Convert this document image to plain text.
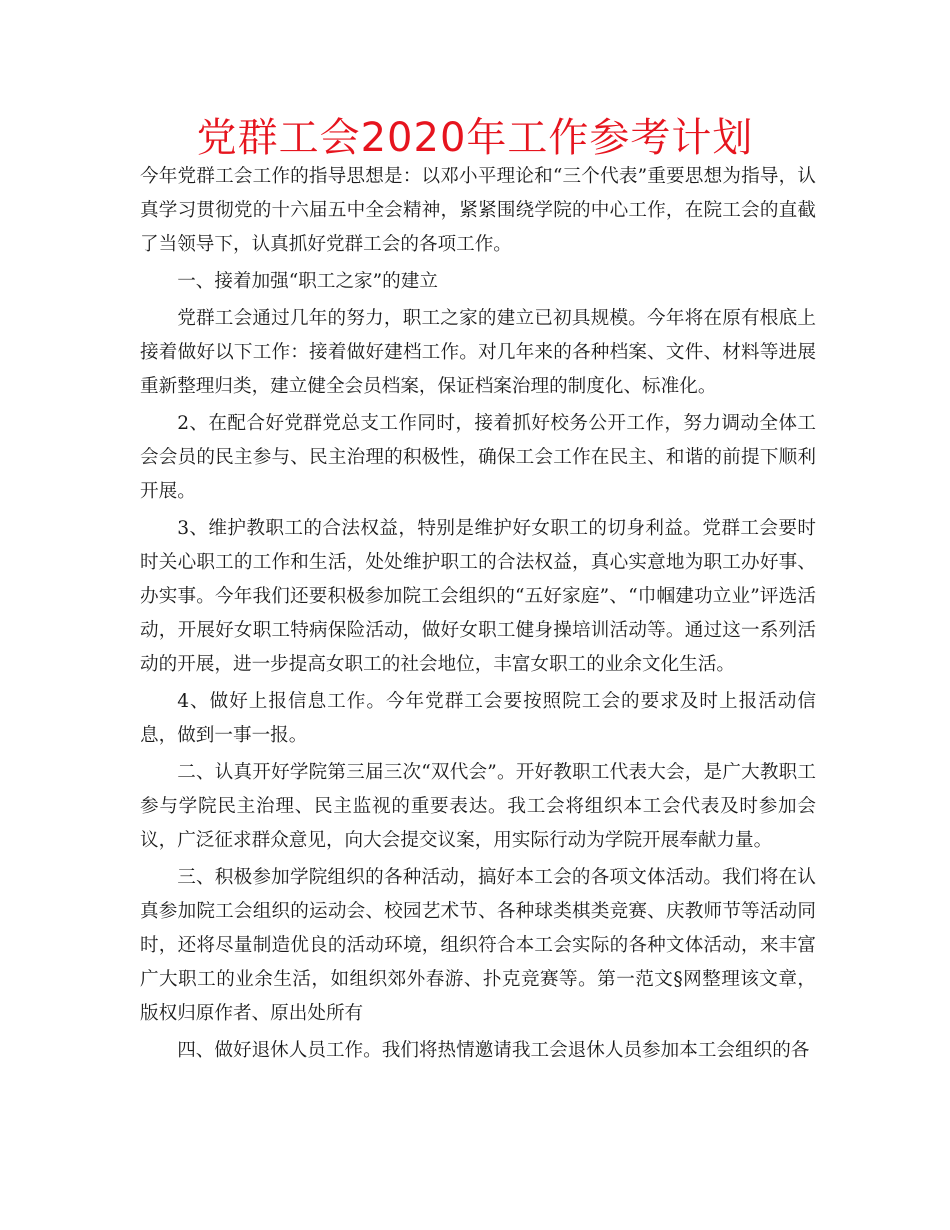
党群工会2020年工作参考计划

今年党群工会工作的指导思想是：以邓小平理论和“三个代表”重要思想为指导，认真学习贯彻党的十六届五中全会精神，紧紧围绕学院的中心工作，在院工会的直截了当领导下，认真抓好党群工会的各项工作。

一、接着加强“职工之家”的建立

党群工会通过几年的努力，职工之家的建立已初具规模。今年将在原有根底上接着做好以下工作：接着做好建档工作。对几年来的各种档案、文件、材料等进展重新整理归类，建立健全会员档案，保证档案治理的制度化、标准化。

2、在配合好党群党总支工作同时，接着抓好校务公开工作，努力调动全体工会会员的民主参与、民主治理的积极性，确保工会工作在民主、和谐的前提下顺利开展。

3、维护教职工的合法权益，特别是维护好女职工的切身利益。党群工会要时时关心职工的工作和生活，处处维护职工的合法权益，真心实意地为职工办好事、办实事。今年我们还要积极参加院工会组织的“五好家庭”、“巾帼建功立业”评选活动，开展好女职工特病保险活动，做好女职工健身操培训活动等。通过这一系列活动的开展，进一步提高女职工的社会地位，丰富女职工的业余文化生活。

4、做好上报信息工作。今年党群工会要按照院工会的要求及时上报活动信息，做到一事一报。

二、认真开好学院第三届三次“双代会”。开好教职工代表大会，是广大教职工参与学院民主治理、民主监视的重要表达。我工会将组织本工会代表及时参加会议，广泛征求群众意见，向大会提交议案，用实际行动为学院开展奉献力量。

三、积极参加学院组织的各种活动，搞好本工会的各项文体活动。我们将在认真参加院工会组织的运动会、校园艺术节、各种球类棋类竞赛、庆教师节等活动同时，还将尽量制造优良的活动环境，组织符合本工会实际的各种文体活动，来丰富广大职工的业余生活，如组织郊外春游、扑克竞赛等。第一范文§网整理该文章，版权归原作者、原出处所有

四、做好退休人员工作。我们将热情邀请我工会退休人员参加本工会组织的各
